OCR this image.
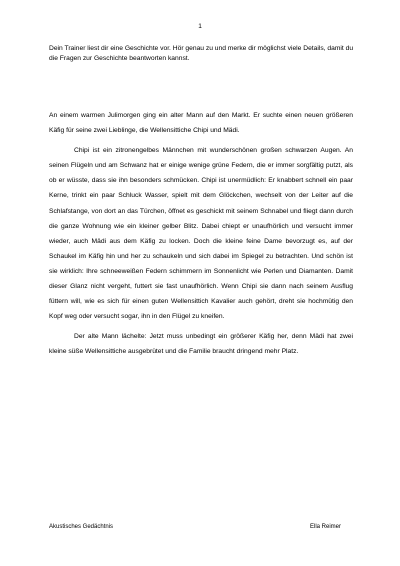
1
Dein Trainer liest dir eine Geschichte vor. Hör genau zu und merke dir möglichst viele Details, damit du die Fragen zur Geschichte beantworten kannst.

An einem warmen Julimorgen ging ein alter Mann auf den Markt. Er suchte einen neuen größeren Käfig für seine zwei Lieblinge, die Wellensittiche Chipi und Mädi.

Chipi ist ein zitronengelbes Männchen mit wunderschönen großen schwarzen Augen. An seinen Flügeln und am Schwanz hat er einige wenige grüne Federn, die er immer sorgfältig putzt, als ob er wüsste, dass sie ihn besonders schmücken. Chipi ist unermüdlich: Er knabbert schnell ein paar Kerne, trinkt ein paar Schluck Wasser, spielt mit dem Glöckchen, wechselt von der Leiter auf die Schlafstange, von dort an das Türchen, öffnet es geschickt mit seinem Schnabel und fliegt dann durch die ganze Wohnung wie ein kleiner gelber Blitz. Dabei chiept er unaufhörlich und versucht immer wieder, auch Mädi aus dem Käfig zu locken. Doch die kleine feine Dame bevorzugt es, auf der Schaukel im Käfig hin und her zu schaukeln und sich dabei im Spiegel zu betrachten. Und schön ist sie wirklich: Ihre schneeweißen Federn schimmern im Sonnenlicht wie Perlen und Diamanten. Damit dieser Glanz nicht vergeht, futtert sie fast unaufhörlich. Wenn Chipi sie dann nach seinem Ausflug füttern will, wie es sich für einen guten Wellensittich Kavalier auch gehört, dreht sie hochmütig den Kopf weg oder versucht sogar, ihn in den Flügel zu kneifen.

Der alte Mann lächelte: Jetzt muss unbedingt ein größerer Käfig her, denn Mädi hat zwei kleine süße Wellensittiche ausgebrütet und die Familie braucht dringend mehr Platz.

Akustisches Gedächtnis	Ella Reimer
